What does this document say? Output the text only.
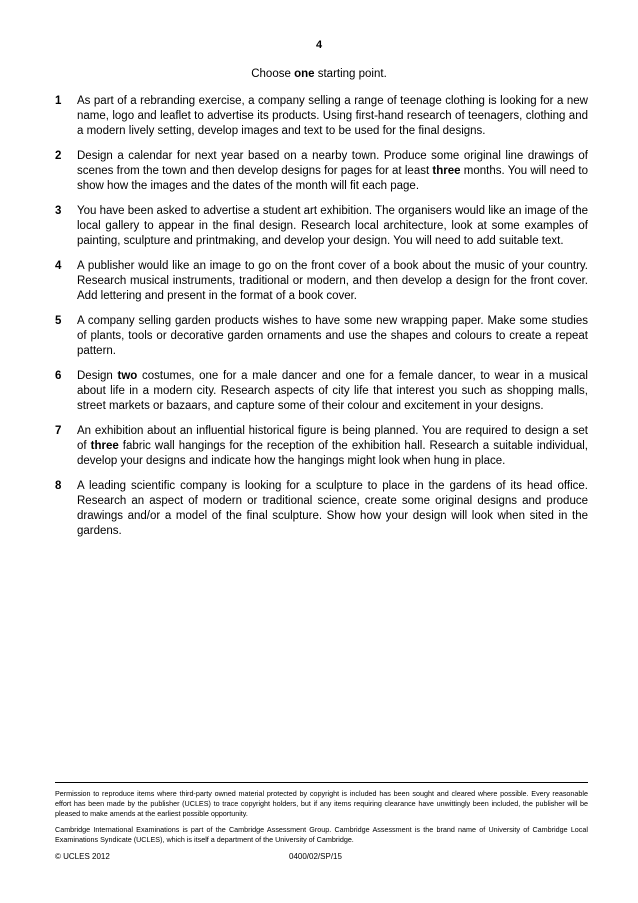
4
Choose one starting point.
1	As part of a rebranding exercise, a company selling a range of teenage clothing is looking for a new name, logo and leaflet to advertise its products. Using first-hand research of teenagers, clothing and a modern lively setting, develop images and text to be used for the final designs.
2	Design a calendar for next year based on a nearby town. Produce some original line drawings of scenes from the town and then develop designs for pages for at least three months. You will need to show how the images and the dates of the month will fit each page.
3	You have been asked to advertise a student art exhibition. The organisers would like an image of the local gallery to appear in the final design. Research local architecture, look at some examples of painting, sculpture and printmaking, and develop your design. You will need to add suitable text.
4	A publisher would like an image to go on the front cover of a book about the music of your country. Research musical instruments, traditional or modern, and then develop a design for the front cover. Add lettering and present in the format of a book cover.
5	A company selling garden products wishes to have some new wrapping paper. Make some studies of plants, tools or decorative garden ornaments and use the shapes and colours to create a repeat pattern.
6	Design two costumes, one for a male dancer and one for a female dancer, to wear in a musical about life in a modern city. Research aspects of city life that interest you such as shopping malls, street markets or bazaars, and capture some of their colour and excitement in your designs.
7	An exhibition about an influential historical figure is being planned. You are required to design a set of three fabric wall hangings for the reception of the exhibition hall. Research a suitable individual, develop your designs and indicate how the hangings might look when hung in place.
8	A leading scientific company is looking for a sculpture to place in the gardens of its head office. Research an aspect of modern or traditional science, create some original designs and produce drawings and/or a model of the final sculpture. Show how your design will look when sited in the gardens.

Permission to reproduce items where third-party owned material protected by copyright is included has been sought and cleared where possible. Every reasonable effort has been made by the publisher (UCLES) to trace copyright holders, but if any items requiring clearance have unwittingly been included, the publisher will be pleased to make amends at the earliest possible opportunity.

Cambridge International Examinations is part of the Cambridge Assessment Group. Cambridge Assessment is the brand name of University of Cambridge Local Examinations Syndicate (UCLES), which is itself a department of the University of Cambridge.

© UCLES 2012	0400/02/SP/15
